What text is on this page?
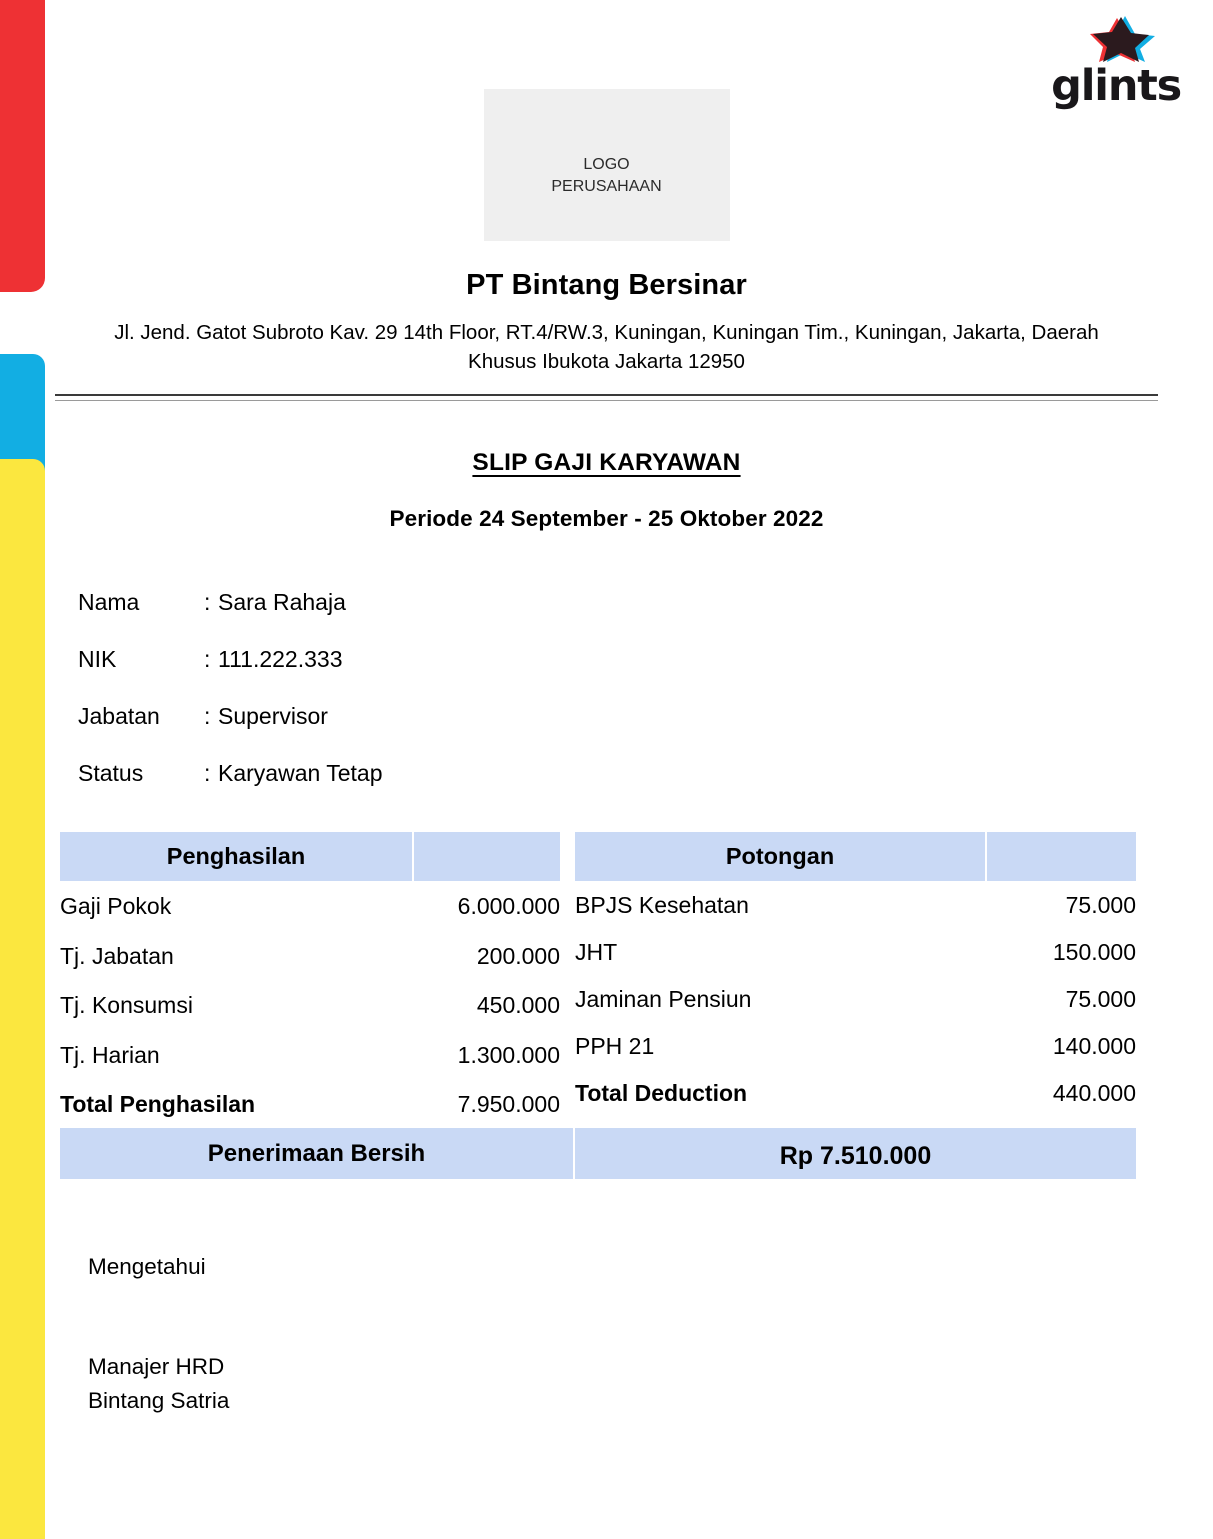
glints
LOGO
PERUSAHAAN
PT Bintang Bersinar
Jl. Jend. Gatot Subroto Kav. 29 14th Floor, RT.4/RW.3, Kuningan, Kuningan Tim., Kuningan, Jakarta, Daerah Khusus Ibukota Jakarta 12950
SLIP GAJI KARYAWAN
Periode 24 September - 25 Oktober 2022
Nama	: Sara Rahaja
NIK	: 111.222.333
Jabatan	: Supervisor
Status	: Karyawan Tetap
Penghasilan
Gaji Pokok	6.000.000
Tj. Jabatan	200.000
Tj. Konsumsi	450.000
Tj. Harian	1.300.000
Total Penghasilan	7.950.000
Potongan
BPJS Kesehatan	75.000
JHT	150.000
Jaminan Pensiun	75.000
PPH 21	140.000
Total Deduction	440.000
Penerimaan Bersih	Rp 7.510.000
Mengetahui
Manajer HRD
Bintang Satria
